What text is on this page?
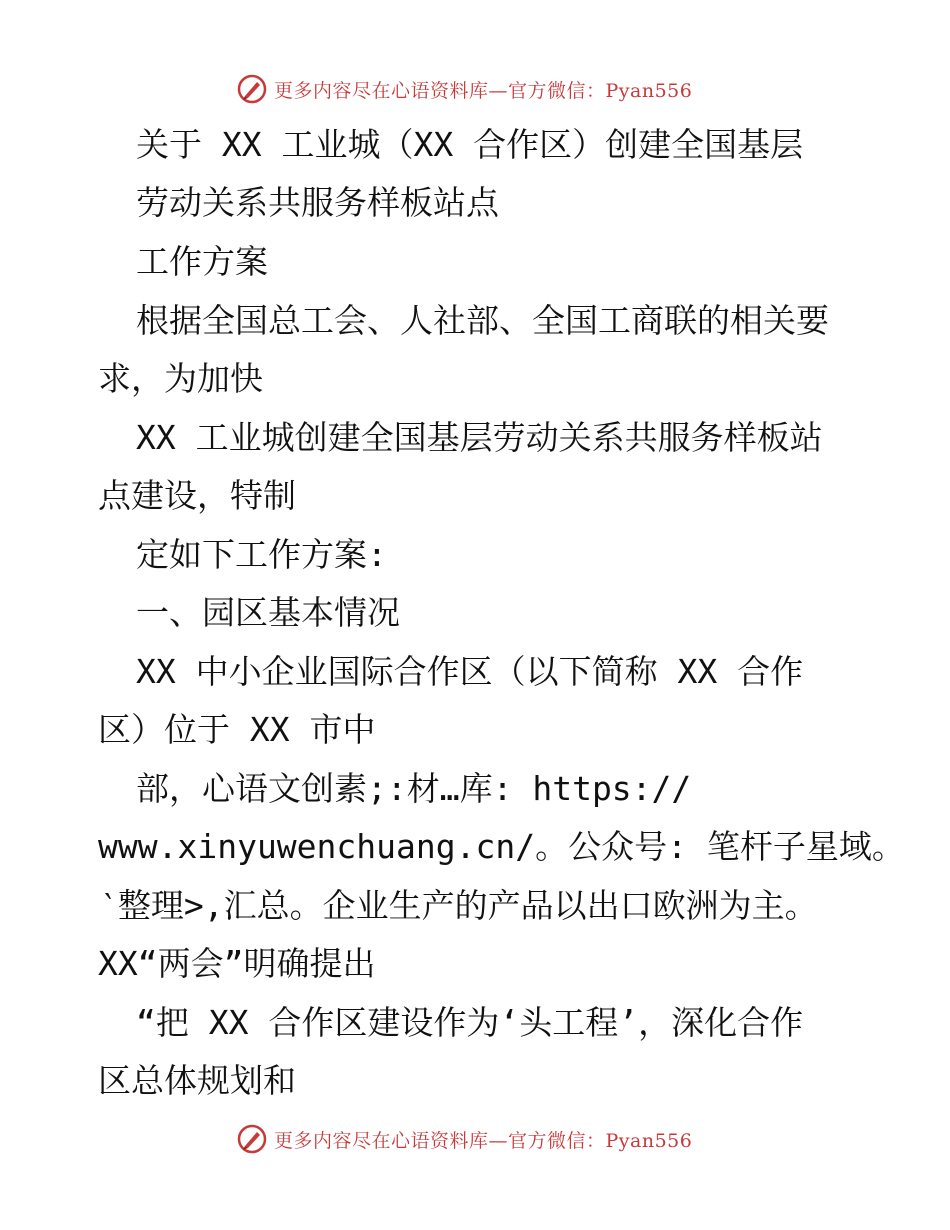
更多内容尽在心语资料库—官方微信：Pyan556
关于 XX 工业城（XX 合作区）创建全国基层
劳动关系共服务样板站点
工作方案
根据全国总工会、人社部、全国工商联的相关要
求，为加快
XX 工业城创建全国基层劳动关系共服务样板站
点建设，特制
定如下工作方案:
一、园区基本情况
XX 中小企业国际合作区（以下简称 XX 合作
区）位于 XX 市中
部，心语文创素;:材…库: https://
www.xinyuwenchuang.cn/。公众号: 笔杆子星域。
‵整理>,汇总。企业生产的产品以出口欧洲为主。
XX“两会”明确提出
“把 XX 合作区建设作为‘头工程’，深化合作
区总体规划和
更多内容尽在心语资料库—官方微信：Pyan556
